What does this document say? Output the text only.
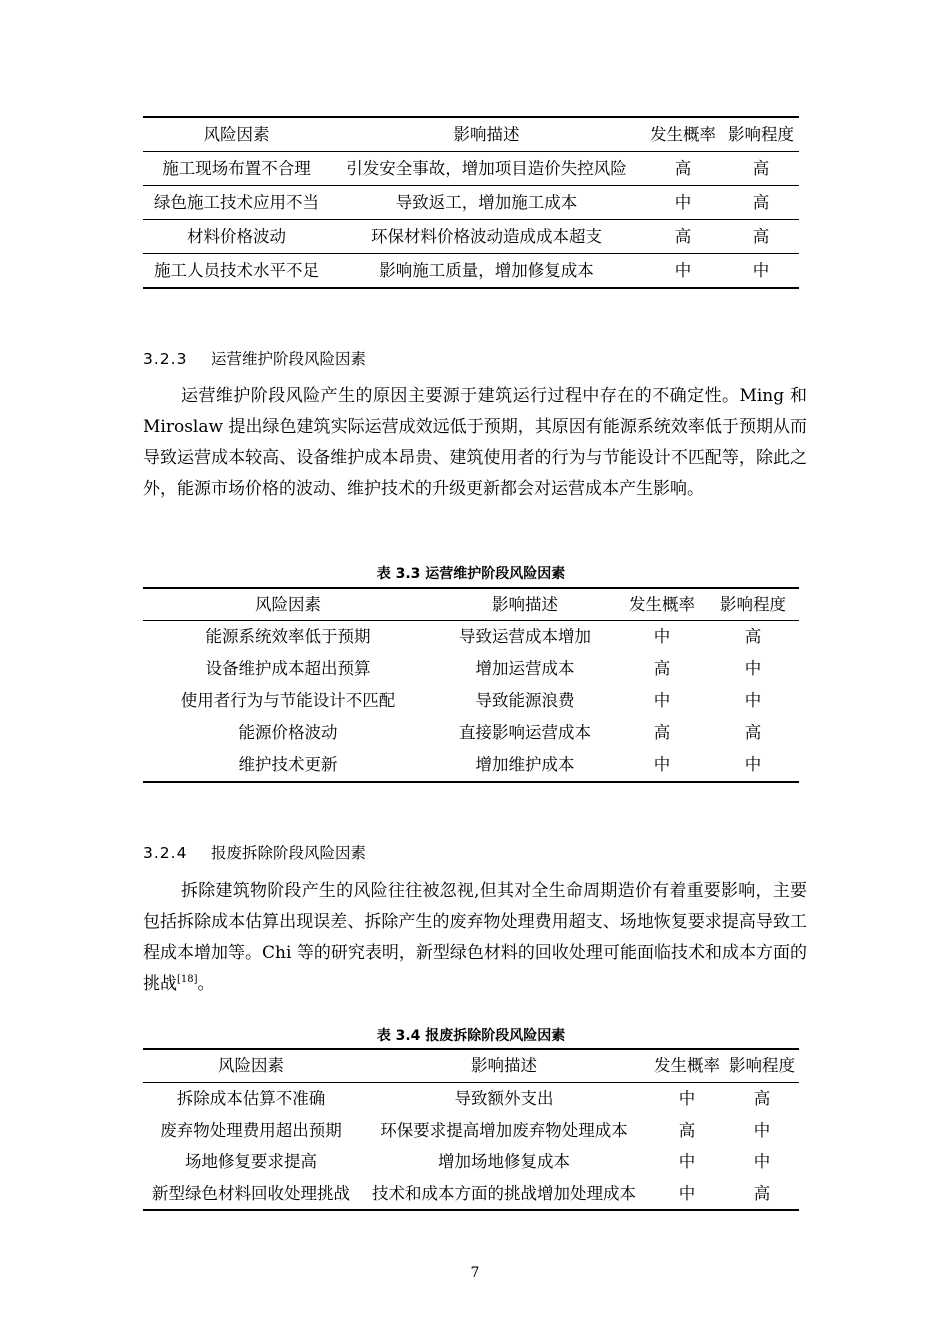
风险因素	影响描述	发生概率	影响程度
施工现场布置不合理	引发安全事故，增加项目造价失控风险	高	高
绿色施工技术应用不当	导致返工，增加施工成本	中	高
材料价格波动	环保材料价格波动造成成本超支	高	高
施工人员技术水平不足	影响施工质量，增加修复成本	中	中
3.2.3 运营维护阶段风险因素

运营维护阶段风险产生的原因主要源于建筑运行过程中存在的不确定性。Ming 和 Miroslaw 提出绿色建筑实际运营成效远低于预期，其原因有能源系统效率低于预期从而导致运营成本较高、设备维护成本昂贵、建筑使用者的行为与节能设计不匹配等，除此之外，能源市场价格的波动、维护技术的升级更新都会对运营成本产生影响。

表 3.3 运营维护阶段风险因素
风险因素	影响描述	发生概率	影响程度
能源系统效率低于预期	导致运营成本增加	中	高
设备维护成本超出预算	增加运营成本	高	中
使用者行为与节能设计不匹配	导致能源浪费	中	中
能源价格波动	直接影响运营成本	高	高
维护技术更新	增加维护成本	中	中
3.2.4 报废拆除阶段风险因素

拆除建筑物阶段产生的风险往往被忽视,但其对全生命周期造价有着重要影响，主要包括拆除成本估算出现误差、拆除产生的废弃物处理费用超支、场地恢复要求提高导致工程成本增加等。Chi 等的研究表明，新型绿色材料的回收处理可能面临技术和成本方面的挑战[18]。

表 3.4 报废拆除阶段风险因素
风险因素	影响描述	发生概率	影响程度
拆除成本估算不准确	导致额外支出	中	高
废弃物处理费用超出预期	环保要求提高增加废弃物处理成本	高	中
场地修复要求提高	增加场地修复成本	中	中
新型绿色材料回收处理挑战	技术和成本方面的挑战增加处理成本	中	高
7
